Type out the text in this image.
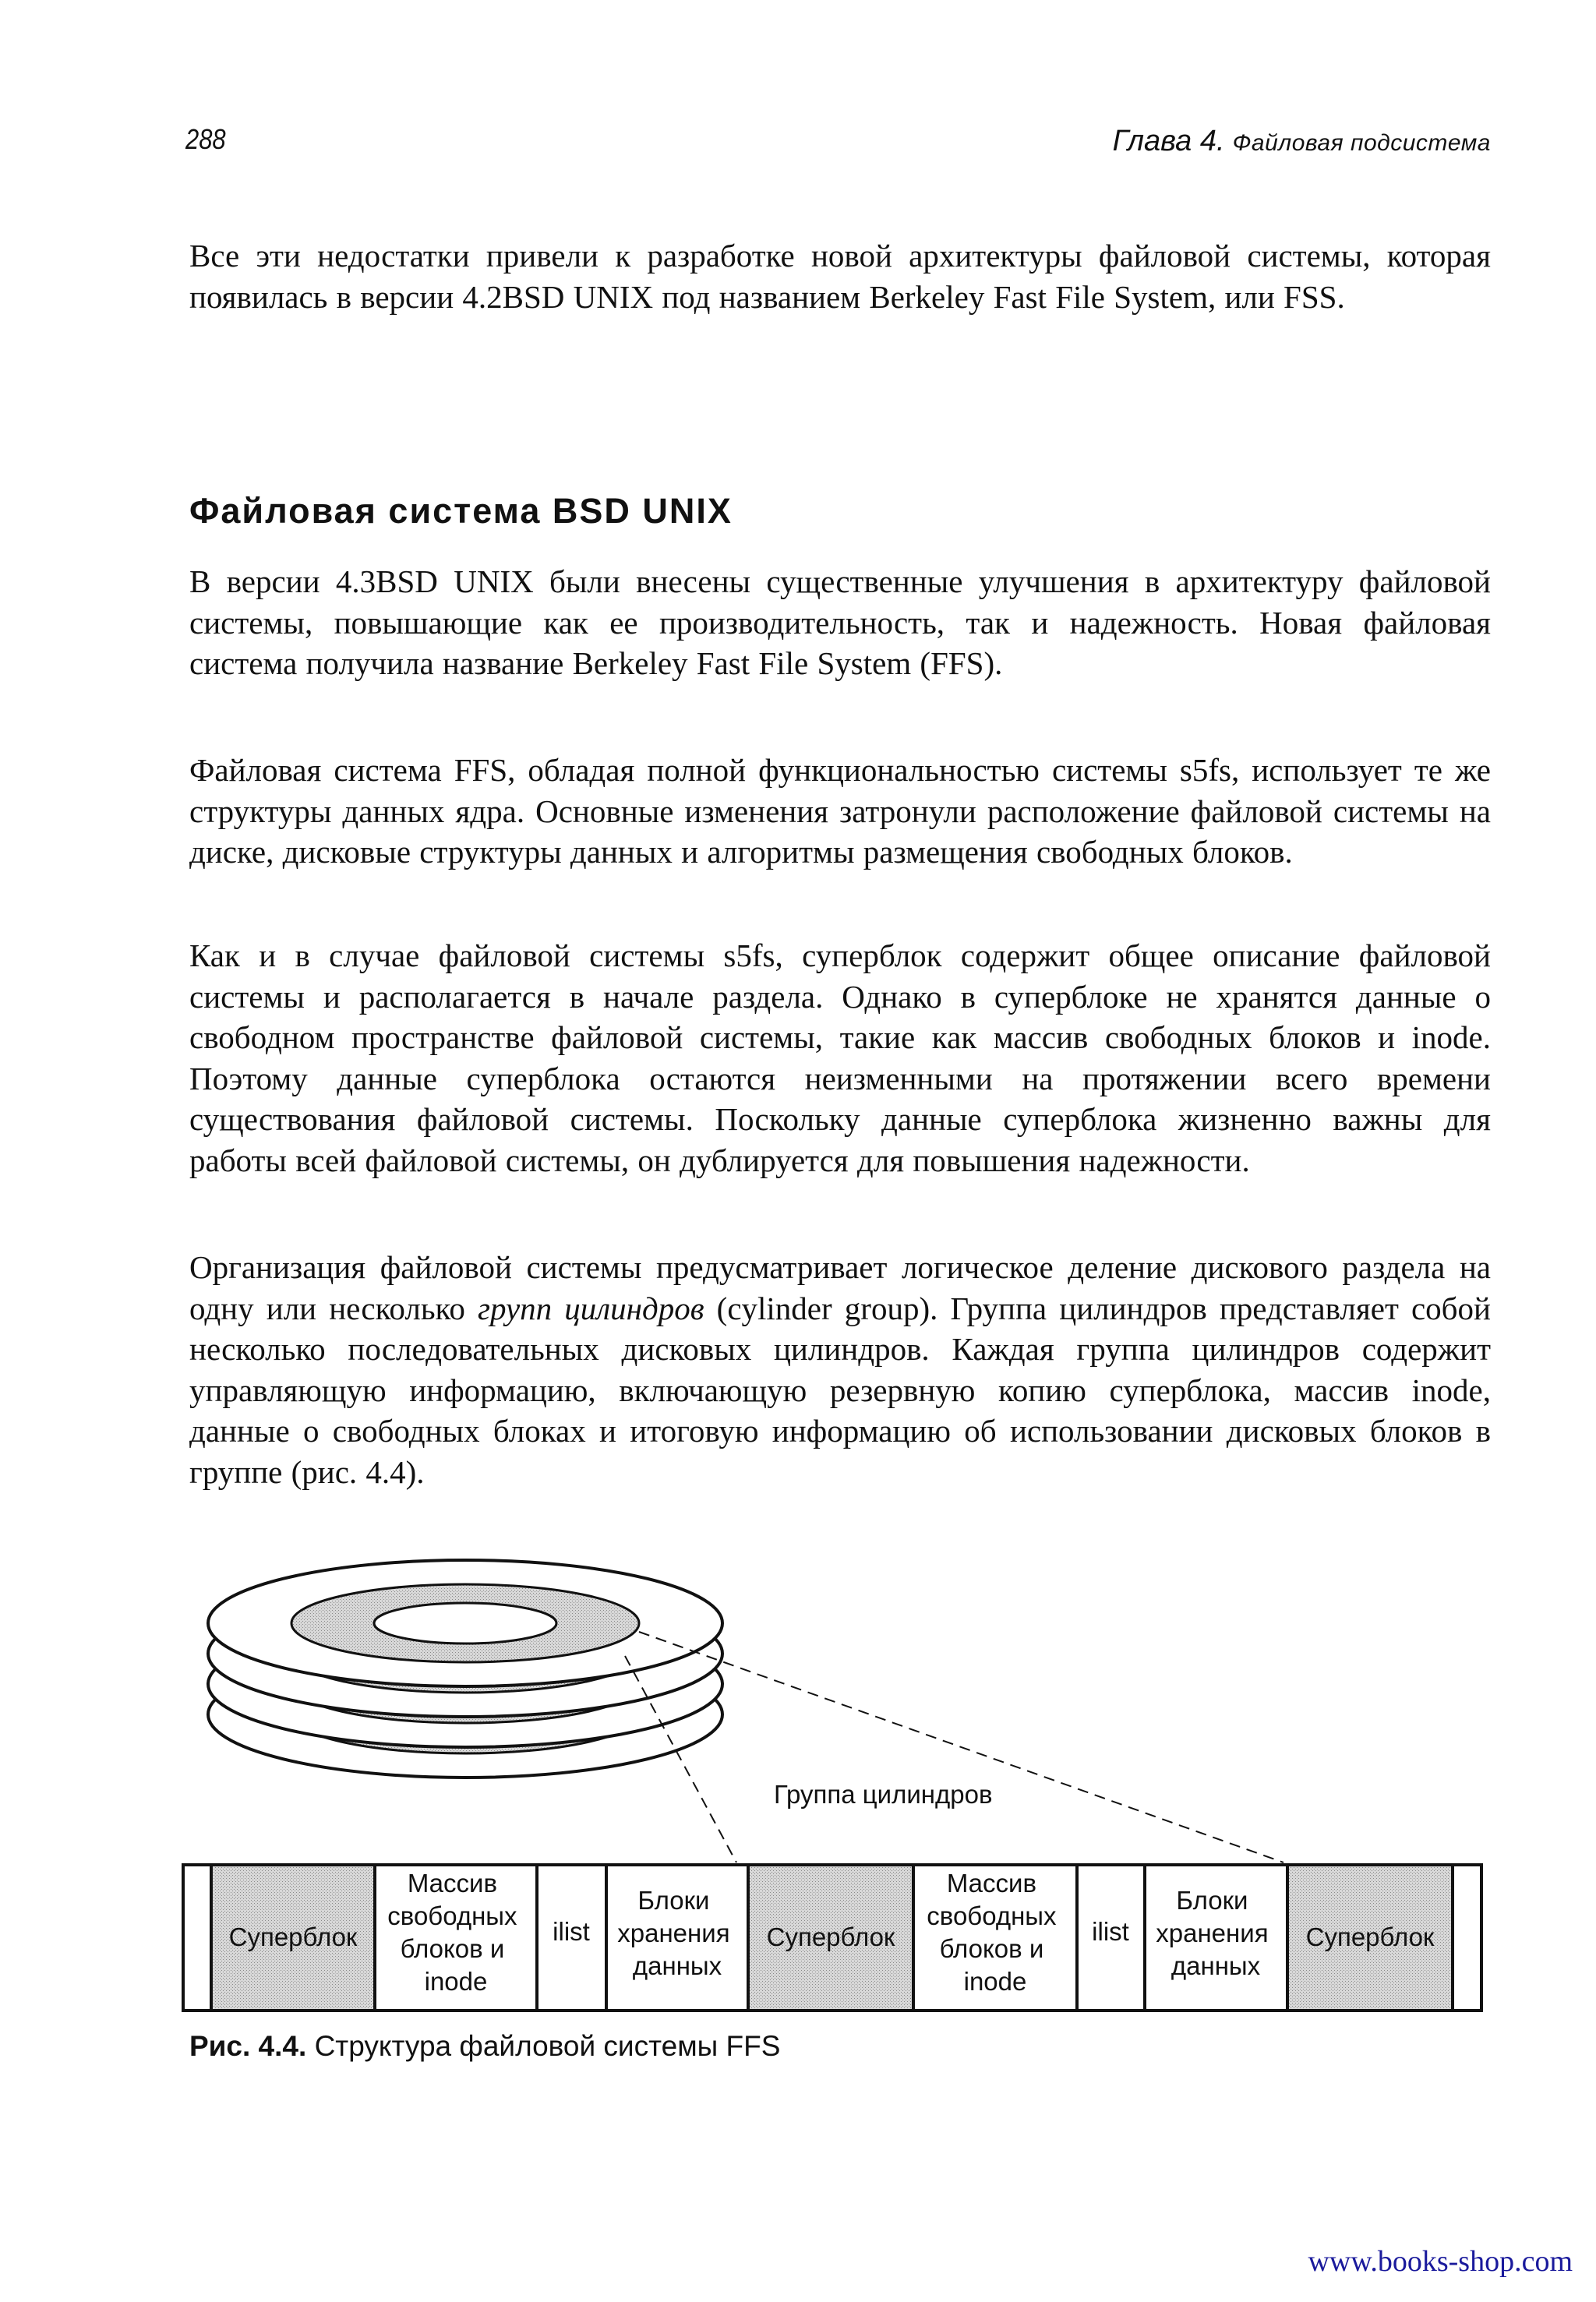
288	Глава 4. Файловая подсистема

Все эти недостатки привели к разработке новой архитектуры файловой системы, которая появилась в версии 4.2BSD UNIX под названием Berkeley Fast File System, или FSS.

Файловая система BSD UNIX

В версии 4.3BSD UNIX были внесены существенные улучшения в архитектуру файловой системы, повышающие как ее производительность, так и надежность. Новая файловая система получила название Berkeley Fast File System (FFS).

Файловая система FFS, обладая полной функциональностью системы s5fs, использует те же структуры данных ядра. Основные изменения затронули расположение файловой системы на диске, дисковые структуры данных и алгоритмы размещения свободных блоков.

Как и в случае файловой системы s5fs, суперблок содержит общее описание файловой системы и располагается в начале раздела. Однако в суперблоке не хранятся данные о свободном пространстве файловой системы, такие как массив свободных блоков и inode. Поэтому данные суперблока остаются неизменными на протяжении всего времени существования файловой системы. Поскольку данные суперблока жизненно важны для работы всей файловой системы, он дублируется для повышения надежности.

Организация файловой системы предусматривает логическое деление дискового раздела на одну или несколько групп цилиндров (cylinder group). Группа цилиндров представляет собой несколько последовательных дисковых цилиндров. Каждая группа цилиндров содержит управляющую информацию, включающую резервную копию суперблока, массив inode, данные о свободных блоках и итоговую информацию об использовании дисковых блоков в группе (рис. 4.4).

Группа цилиндров
Суперблок
Массив свободных блоков и inode
ilist
Блоки хранения данных
Суперблок
Массив свободных блоков и inode
ilist
Блоки хранения данных
Суперблок

Рис. 4.4. Структура файловой системы FFS

www.books-shop.com
